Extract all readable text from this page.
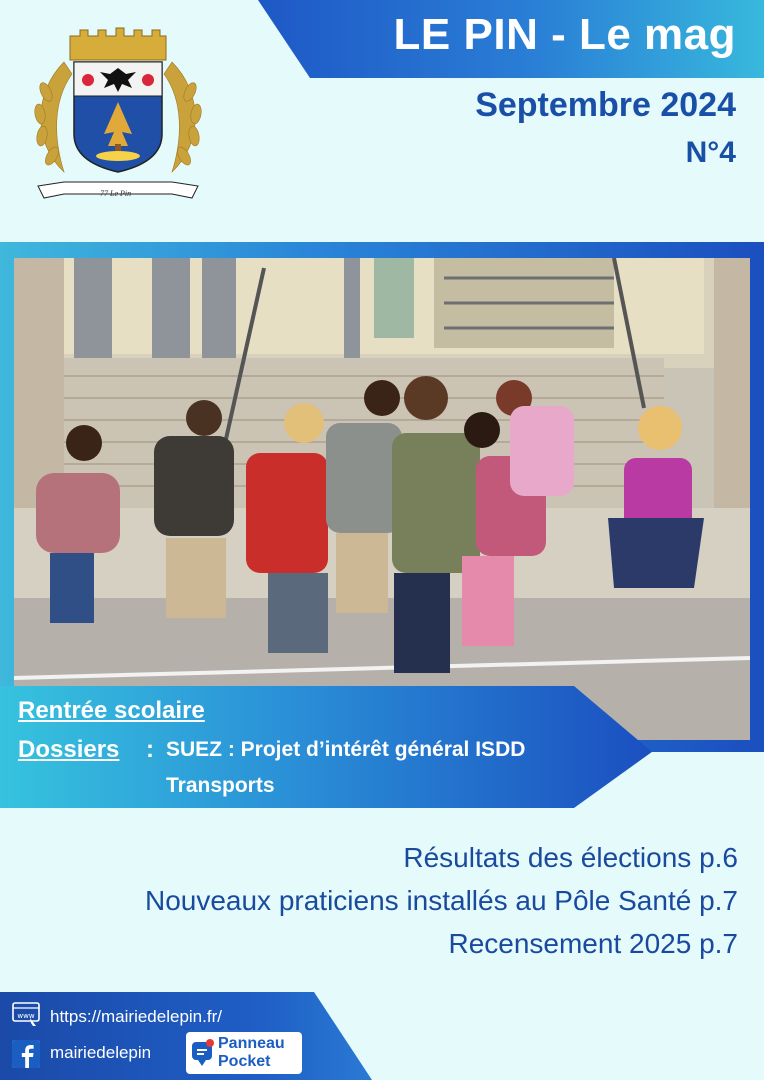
LE PIN - Le mag
Septembre 2024
N°4
77 Le Pin
Rentrée scolaire
Dossiers : SUEZ : Projet d’intérêt général ISDD
Transports
Résultats des élections p.6
Nouveaux praticiens installés au Pôle Santé p.7
Recensement 2025 p.7
www https://mairiedelepin.fr/
mairiedelepin	Panneau
Pocket
